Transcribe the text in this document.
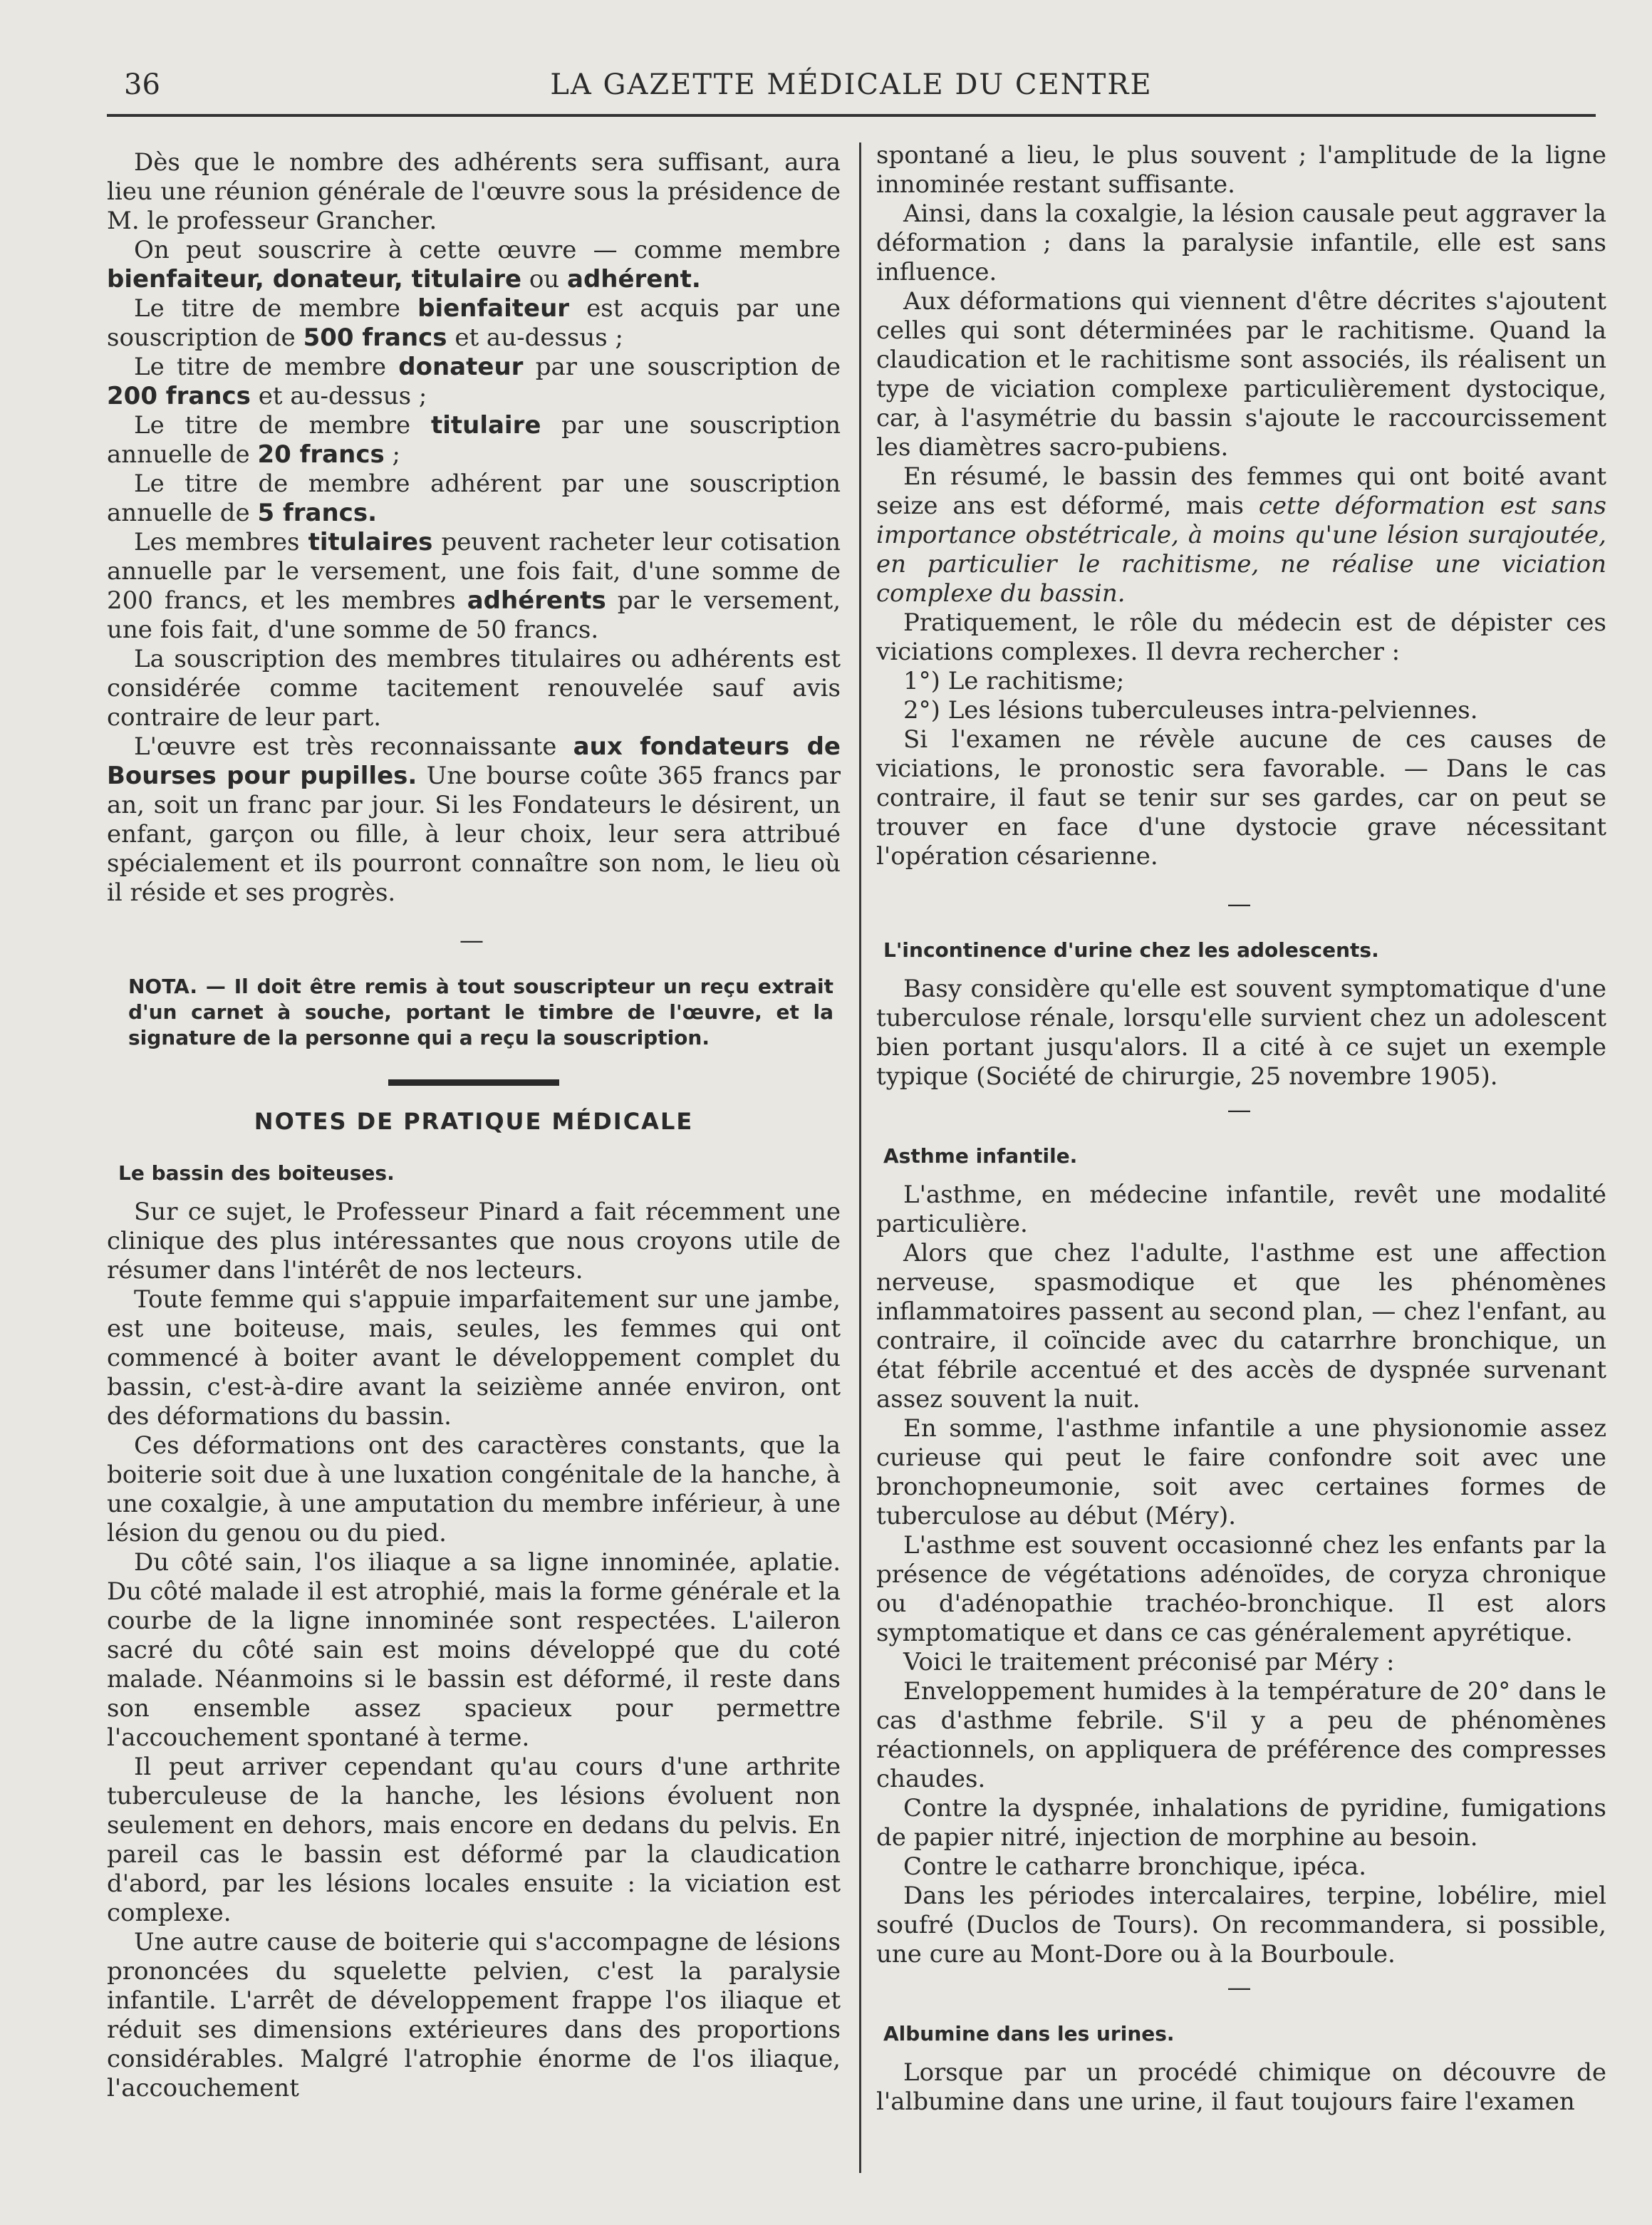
36	LA GAZETTE MÉDICALE DU CENTRE

Dès que le nombre des adhérents sera suffisant, aura lieu une réunion générale de l'œuvre sous la présidence de M. le professeur Grancher.

On peut souscrire à cette œuvre — comme membre bienfaiteur, donateur, titulaire ou adhérent.

Le titre de membre bienfaiteur est acquis par une souscription de 500 francs et au-dessus ;

Le titre de membre donateur par une souscription de 200 francs et au-dessus ;

Le titre de membre titulaire par une souscription annuelle de 20 francs ;

Le titre de membre adhérent par une souscription annuelle de 5 francs.

Les membres titulaires peuvent racheter leur cotisation annuelle par le versement, une fois fait, d'une somme de 200 francs, et les membres adhérents par le versement, une fois fait, d'une somme de 50 francs.

La souscription des membres titulaires ou adhérents est considérée comme tacitement renouvelée sauf avis contraire de leur part.

L'œuvre est très reconnaissante aux fondateurs de Bourses pour pupilles. Une bourse coûte 365 francs par an, soit un franc par jour. Si les Fondateurs le désirent, un enfant, garçon ou fille, à leur choix, leur sera attribué spécialement et ils pourront connaître son nom, le lieu où il réside et ses progrès.

—
NOTA. — Il doit être remis à tout souscripteur un reçu extrait d'un carnet à souche, portant le timbre de l'œuvre, et la signature de la personne qui a reçu la souscription.
NOTES DE PRATIQUE MÉDICALE
Le bassin des boiteuses.

Sur ce sujet, le Professeur Pinard a fait récemment une clinique des plus intéressantes que nous croyons utile de résumer dans l'intérêt de nos lecteurs.

Toute femme qui s'appuie imparfaitement sur une jambe, est une boiteuse, mais, seules, les femmes qui ont commencé à boiter avant le développement complet du bassin, c'est-à-dire avant la seizième année environ, ont des déformations du bassin.

Ces déformations ont des caractères constants, que la boiterie soit due à une luxation congénitale de la hanche, à une coxalgie, à une amputation du membre inférieur, à une lésion du genou ou du pied.

Du côté sain, l'os iliaque a sa ligne innominée, aplatie. Du côté malade il est atrophié, mais la forme générale et la courbe de la ligne innominée sont respectées. L'aileron sacré du côté sain est moins développé que du coté malade. Néanmoins si le bassin est déformé, il reste dans son ensemble assez spacieux pour permettre l'accouchement spontané à terme.

Il peut arriver cependant qu'au cours d'une arthrite tuberculeuse de la hanche, les lésions évoluent non seulement en dehors, mais encore en dedans du pelvis. En pareil cas le bassin est déformé par la claudication d'abord, par les lésions locales ensuite : la viciation est complexe.

Une autre cause de boiterie qui s'accompagne de lésions prononcées du squelette pelvien, c'est la paralysie infantile. L'arrêt de développement frappe l'os iliaque et réduit ses dimensions extérieures dans des proportions considérables. Malgré l'atrophie énorme de l'os iliaque, l'accouchement

spontané a lieu, le plus souvent ; l'amplitude de la ligne innominée restant suffisante.

Ainsi, dans la coxalgie, la lésion causale peut aggraver la déformation ; dans la paralysie infantile, elle est sans influence.

Aux déformations qui viennent d'être décrites s'ajoutent celles qui sont déterminées par le rachitisme. Quand la claudication et le rachitisme sont associés, ils réalisent un type de viciation complexe particulièrement dystocique, car, à l'asymétrie du bassin s'ajoute le raccourcissement les diamètres sacro-pubiens.

En résumé, le bassin des femmes qui ont boité avant seize ans est déformé, mais cette déformation est sans importance obstétricale, à moins qu'une lésion surajoutée, en particulier le rachitisme, ne réalise une viciation complexe du bassin.

Pratiquement, le rôle du médecin est de dépister ces viciations complexes. Il devra rechercher :

1°) Le rachitisme;

2°) Les lésions tuberculeuses intra-pelviennes.

Si l'examen ne révèle aucune de ces causes de viciations, le pronostic sera favorable. — Dans le cas contraire, il faut se tenir sur ses gardes, car on peut se trouver en face d'une dystocie grave nécessitant l'opération césarienne.

—
L'incontinence d'urine chez les adolescents.

Basy considère qu'elle est souvent symptomatique d'une tuberculose rénale, lorsqu'elle survient chez un adolescent bien portant jusqu'alors. Il a cité à ce sujet un exemple typique (Société de chirurgie, 25 novembre 1905).

—
Asthme infantile.

L'asthme, en médecine infantile, revêt une modalité particulière.

Alors que chez l'adulte, l'asthme est une affection nerveuse, spasmodique et que les phénomènes inflammatoires passent au second plan, — chez l'enfant, au contraire, il coïncide avec du catarrhre bronchique, un état fébrile accentué et des accès de dyspnée survenant assez souvent la nuit.

En somme, l'asthme infantile a une physionomie assez curieuse qui peut le faire confondre soit avec une bronchopneumonie, soit avec certaines formes de tuberculose au début (Méry).

L'asthme est souvent occasionné chez les enfants par la présence de végétations adénoïdes, de coryza chronique ou d'adénopathie trachéo-bronchique. Il est alors symptomatique et dans ce cas généralement apyrétique.

Voici le traitement préconisé par Méry :

Enveloppement humides à la température de 20° dans le cas d'asthme febrile. S'il y a peu de phénomènes réactionnels, on appliquera de préférence des compresses chaudes.

Contre la dyspnée, inhalations de pyridine, fumigations de papier nitré, injection de morphine au besoin.

Contre le catharre bronchique, ipéca.

Dans les périodes intercalaires, terpine, lobélire, miel soufré (Duclos de Tours). On recommandera, si possible, une cure au Mont-Dore ou à la Bourboule.

—
Albumine dans les urines.

Lorsque par un procédé chimique on découvre de l'albumine dans une urine, il faut toujours faire l'examen
